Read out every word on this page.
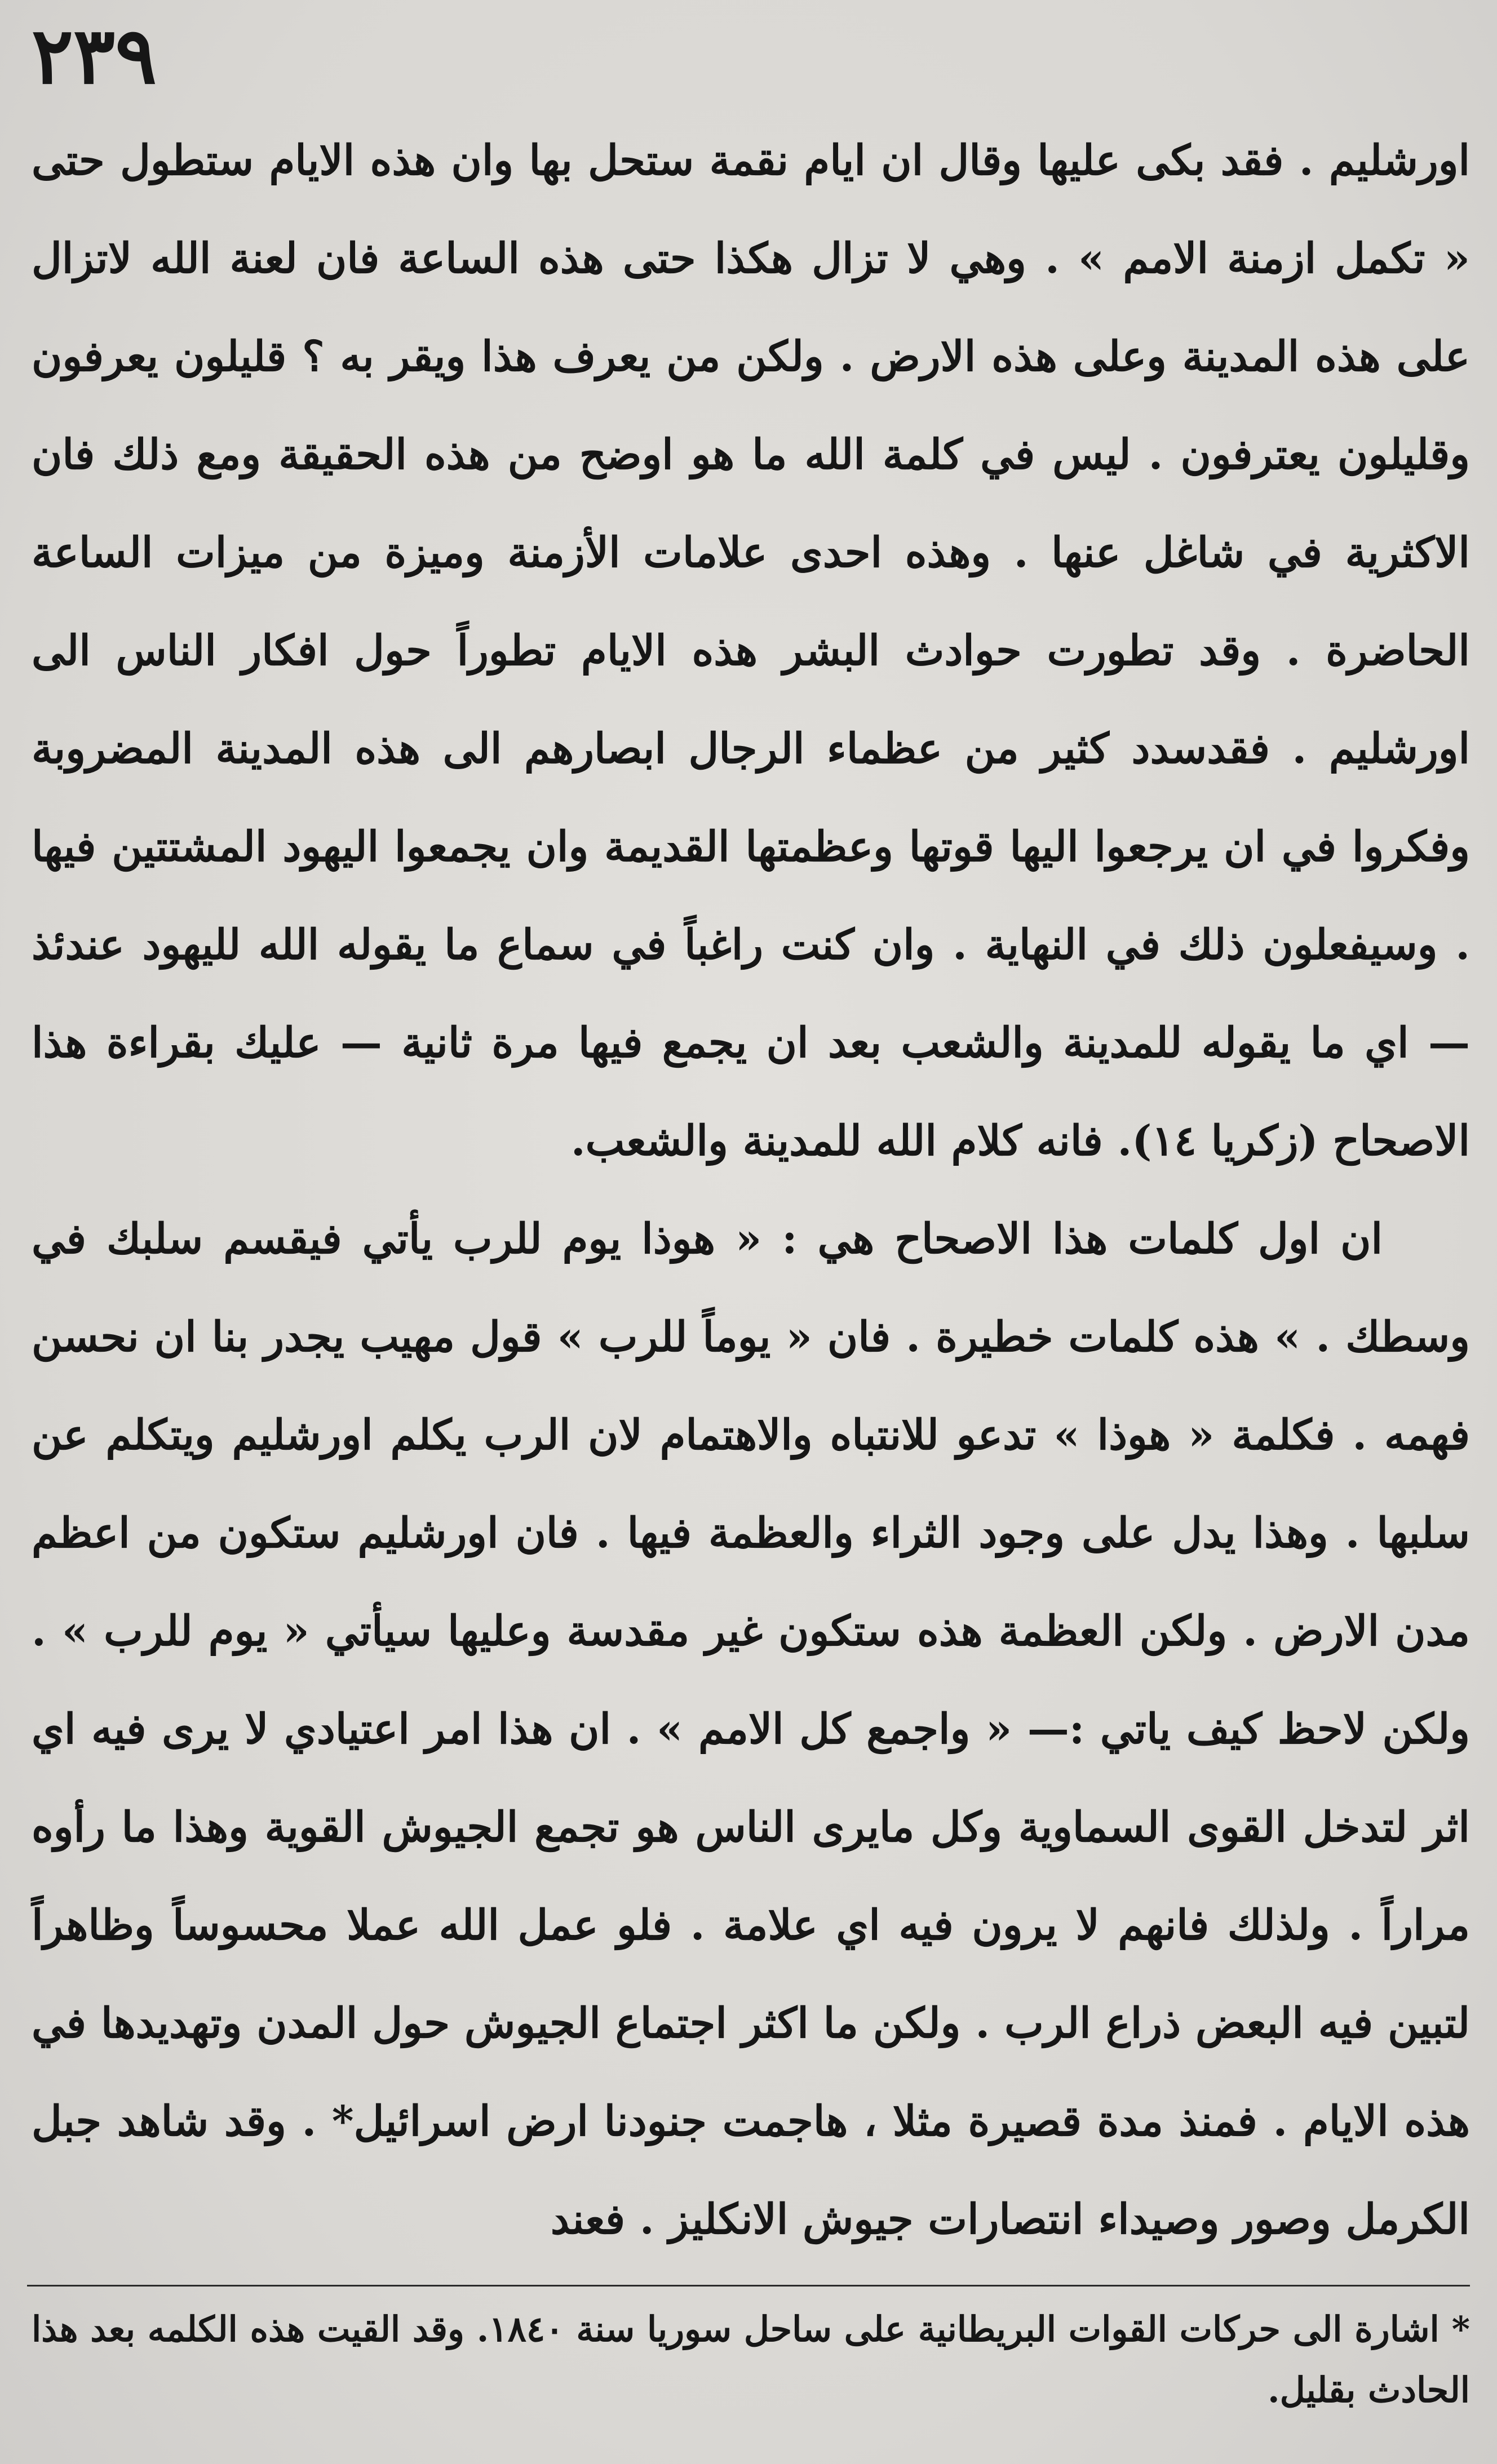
٢٣٩

اورشليم . فقد بكى عليها وقال ان ايام نقمة ستحل بها وان هذه الايام ستطول حتى « تكمل ازمنة الامم » . وهي لا تزال هكذا حتى هذه الساعة فان لعنة الله لاتزال على هذه المدينة وعلى هذه الارض . ولكن من يعرف هذا ويقر به ؟ قليلون يعرفون وقليلون يعترفون . ليس في كلمة الله ما هو اوضح من هذه الحقيقة ومع ذلك فان الاكثرية في شاغل عنها . وهذه احدى علامات الأزمنة وميزة من ميزات الساعة الحاضرة . وقد تطورت حوادث البشر هذه الايام تطوراً حول افكار الناس الى اورشليم . فقدسدد كثير من عظماء الرجال ابصارهم الى هذه المدينة المضروبة وفكروا في ان يرجعوا اليها قوتها وعظمتها القديمة وان يجمعوا اليهود المشتتين فيها . وسيفعلون ذلك في النهاية . وان كنت راغباً في سماع ما يقوله الله لليهود عندئذ — اي ما يقوله للمدينة والشعب بعد ان يجمع فيها مرة ثانية — عليك بقراءة هذا الاصحاح (زكريا ١٤). فانه كلام الله للمدينة والشعب.

ان اول كلمات هذا الاصحاح هي : « هوذا يوم للرب يأتي فيقسم سلبك في وسطك . » هذه كلمات خطيرة . فان « يوماً للرب » قول مهيب يجدر بنا ان نحسن فهمه . فكلمة « هوذا » تدعو للانتباه والاهتمام لان الرب يكلم اورشليم ويتكلم عن سلبها . وهذا يدل على وجود الثراء والعظمة فيها . فان اورشليم ستكون من اعظم مدن الارض . ولكن العظمة هذه ستكون غير مقدسة وعليها سيأتي « يوم للرب » . ولكن لاحظ كيف ياتي :— « واجمع كل الامم » . ان هذا امر اعتيادي لا يرى فيه اي اثر لتدخل القوى السماوية وكل مايرى الناس هو تجمع الجيوش القوية وهذا ما رأوه مراراً . ولذلك فانهم لا يرون فيه اي علامة . فلو عمل الله عملا محسوساً وظاهراً لتبين فيه البعض ذراع الرب . ولكن ما اكثر اجتماع الجيوش حول المدن وتهديدها في هذه الايام . فمنذ مدة قصيرة مثلا ، هاجمت جنودنا ارض اسرائيل* . وقد شاهد جبل الكرمل وصور وصيداء انتصارات جيوش الانكليز . فعند

* اشارة الى حركات القوات البريطانية على ساحل سوريا سنة ١٨٤٠. وقد القيت هذه الكلمه بعد هذا الحادث بقليل.
